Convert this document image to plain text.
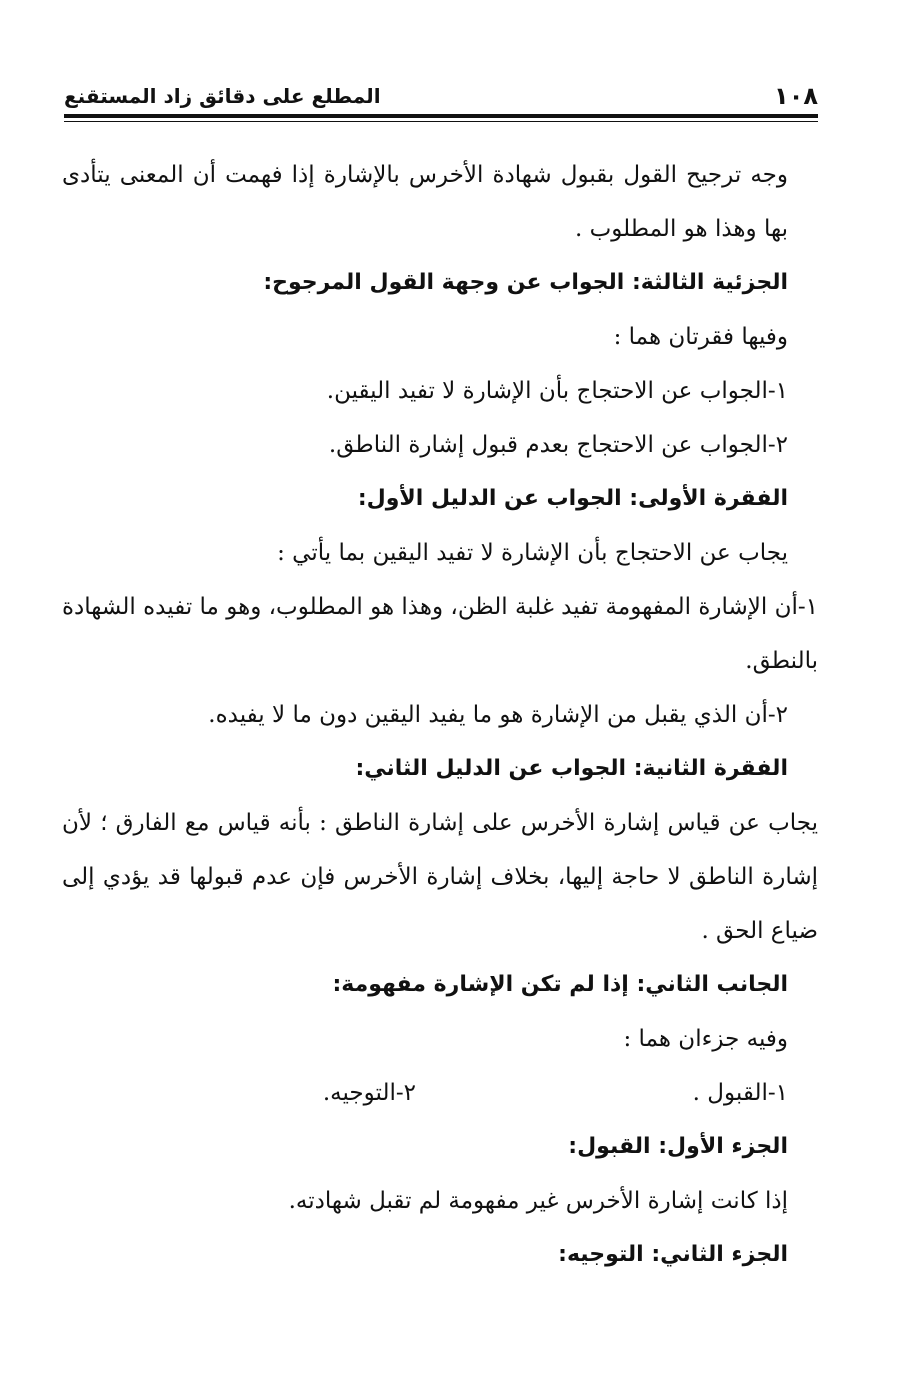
١٠٨
المطلع على دقائق زاد المستقنع

وجه ترجيح القول بقبول شهادة الأخرس بالإشارة إذا فهمت أن المعنى يتأدى بها وهذا هو المطلوب .

الجزئية الثالثة: الجواب عن وجهة القول المرجوح:
وفيها فقرتان هما :
١-الجواب عن الاحتجاج بأن الإشارة لا تفيد اليقين.
٢-الجواب عن الاحتجاج بعدم قبول إشارة الناطق.
الفقرة الأولى: الجواب عن الدليل الأول:
يجاب عن الاحتجاج بأن الإشارة لا تفيد اليقين بما يأتي :

١-أن الإشارة المفهومة تفيد غلبة الظن، وهذا هو المطلوب، وهو ما تفيده الشهادة بالنطق.

٢-أن الذي يقبل من الإشارة هو ما يفيد اليقين دون ما لا يفيده.
الفقرة الثانية: الجواب عن الدليل الثاني:

يجاب عن قياس إشارة الأخرس على إشارة الناطق : بأنه قياس مع الفارق ؛ لأن إشارة الناطق لا حاجة إليها، بخلاف إشارة الأخرس فإن عدم قبولها قد يؤدي إلى ضياع الحق .

الجانب الثاني: إذا لم تكن الإشارة مفهومة:
وفيه جزءان هما :
١-القبول .
٢-التوجيه.
الجزء الأول: القبول:
إذا كانت إشارة الأخرس غير مفهومة لم تقبل شهادته.
الجزء الثاني: التوجيه:
